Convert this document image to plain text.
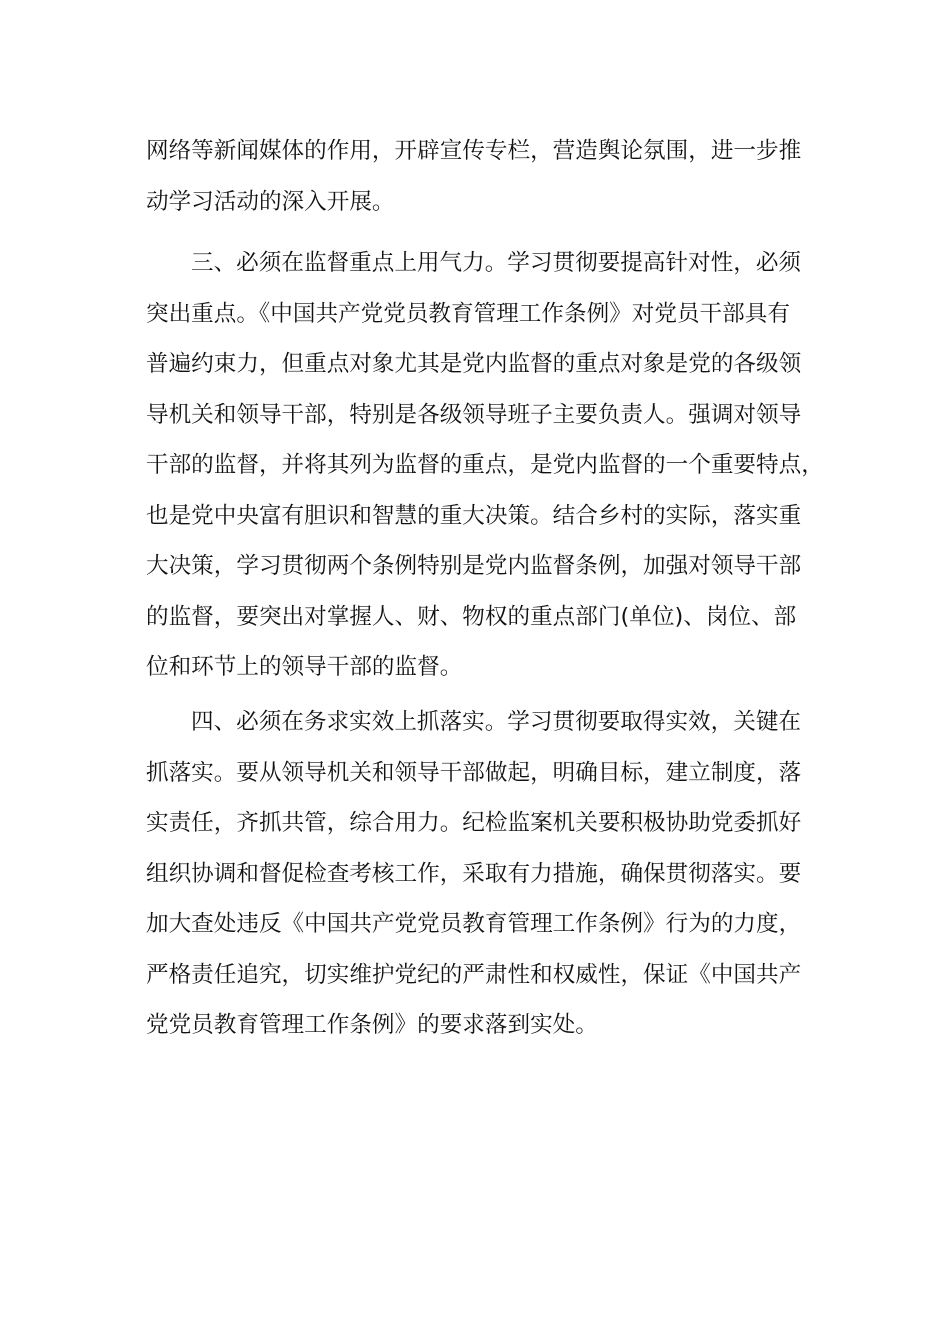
网络等新闻媒体的作用，开辟宣传专栏，营造舆论氛围，进一步推
动学习活动的深入开展。
三、必须在监督重点上用气力。学习贯彻要提高针对性，必须
突出重点。《中国共产党党员教育管理工作条例》对党员干部具有
普遍约束力，但重点对象尤其是党内监督的重点对象是党的各级领
导机关和领导干部，特别是各级领导班子主要负责人。强调对领导
干部的监督，并将其列为监督的重点，是党内监督的一个重要特点，
也是党中央富有胆识和智慧的重大决策。结合乡村的实际，落实重
大决策，学习贯彻两个条例特别是党内监督条例，加强对领导干部
的监督，要突出对掌握人、财、物权的重点部门(单位)、岗位、部
位和环节上的领导干部的监督。
四、必须在务求实效上抓落实。学习贯彻要取得实效，关键在
抓落实。要从领导机关和领导干部做起，明确目标，建立制度，落
实责任，齐抓共管，综合用力。纪检监案机关要积极协助党委抓好
组织协调和督促检查考核工作，采取有力措施，确保贯彻落实。要
加大查处违反《中国共产党党员教育管理工作条例》行为的力度，
严格责任追究，切实维护党纪的严肃性和权威性，保证《中国共产
党党员教育管理工作条例》的要求落到实处。
